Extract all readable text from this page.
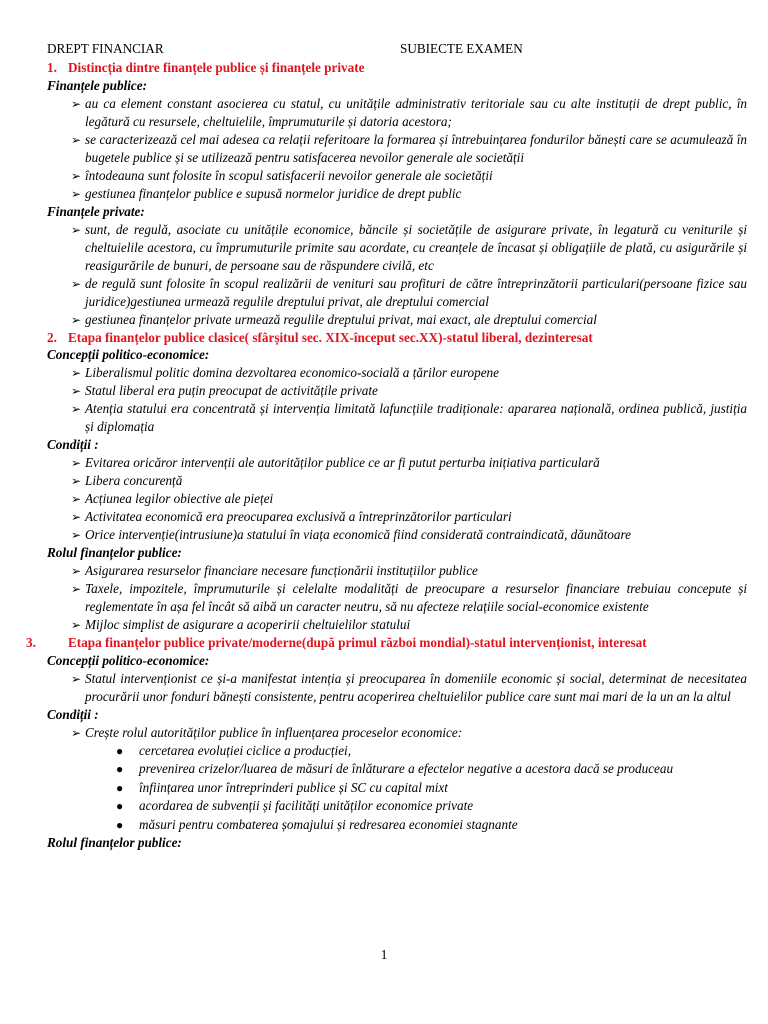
DREPT FINANCIAR	SUBIECTE EXAMEN
1. Distincția dintre finanțele publice și finanțele private
Finanțele publice:
➢ au ca element constant asocierea cu statul, cu unitățile administrativ teritoriale sau cu alte instituții de drept public, în legătură cu resursele, cheltuielile, împrumuturile și datoria acestora;
➢ se caracterizează cel mai adesea ca relații referitoare la formarea și întrebuințarea fondurilor bănești care se acumulează în bugetele publice și se utilizează pentru satisfacerea nevoilor generale ale societății
➢ întodeauna sunt folosite în scopul satisfacerii nevoilor generale ale societății
➢ gestiunea finanțelor publice e supusă normelor juridice de drept public
Finanțele private:
➢ sunt, de regulă, asociate cu unitățile economice, băncile și societățile de asigurare private, în legatură cu veniturile și cheltuielile acestora, cu împrumuturile primite sau acordate, cu creanțele de încasat și obligațiile de plată, cu asigurările și reasigurările de bunuri, de persoane sau de răspundere civilă, etc
➢ de regulă sunt folosite în scopul realizării de venituri sau profituri de către întreprinzătorii particulari(persoane fizice sau juridice)gestiunea urmează regulile dreptului privat, ale dreptului comercial
➢ gestiunea finanțelor private urmează regulile dreptului privat, mai exact, ale dreptului comercial
2. Etapa finanțelor publice clasice( sfârșitul sec. XIX-început sec.XX)-statul liberal, dezinteresat
Concepții politico-economice:
➢ Liberalismul politic domina dezvoltarea economico-socială a țărilor europene
➢ Statul liberal era puțin preocupat de activitățile private
➢ Atenția statului era concentrată și intervenția limitată lafuncțiile tradiționale: apararea națională, ordinea publică, justiția și diplomația
Condiții :
➢ Evitarea oricăror intervenții ale autorităților publice ce ar fi putut perturba inițiativa particulară
➢ Libera concurență
➢ Acțiunea legilor obiective ale pieței
➢ Activitatea economică era preocuparea exclusivă a întreprinzătorilor particulari
➢ Orice intervenție(intrusiune)a statului în viața economică fiind considerată contraindicată, dăunătoare
Rolul finanțelor publice:
➢ Asigurarea resurselor financiare necesare funcționării instituțiilor publice
➢ Taxele, impozitele, împrumuturile și celelalte modalități de preocupare a resurselor financiare trebuiau concepute și reglementate în așa fel încât să aibă un caracter neutru, să nu afecteze relațiile social-economice existente
➢ Mijloc simplist de asigurare a acoperirii cheltuielilor statului
3. Etapa finanțelor publice private/moderne(după primul război mondial)-statul intervenționist, interesat
Concepții politico-economice:
➢ Statul intervenționist ce și-a manifestat intenția și preocuparea în domeniile economic și social, determinat de necesitatea procurării unor fonduri bănești consistente, pentru acoperirea cheltuielilor publice care sunt mai mari de la un an la altul
Condiții :
➢ Crește rolul autorităților publice în influențarea proceselor economice:
● cercetarea evoluției ciclice a producției,
● prevenirea crizelor/luarea de măsuri de înlăturare a efectelor negative a acestora dacă se produceau
● înființarea unor întreprinderi publice și SC cu capital mixt
● acordarea de subvenții și facilități unităților economice private
● măsuri pentru combaterea șomajului și redresarea economiei stagnante
Rolul finanțelor publice:
1
